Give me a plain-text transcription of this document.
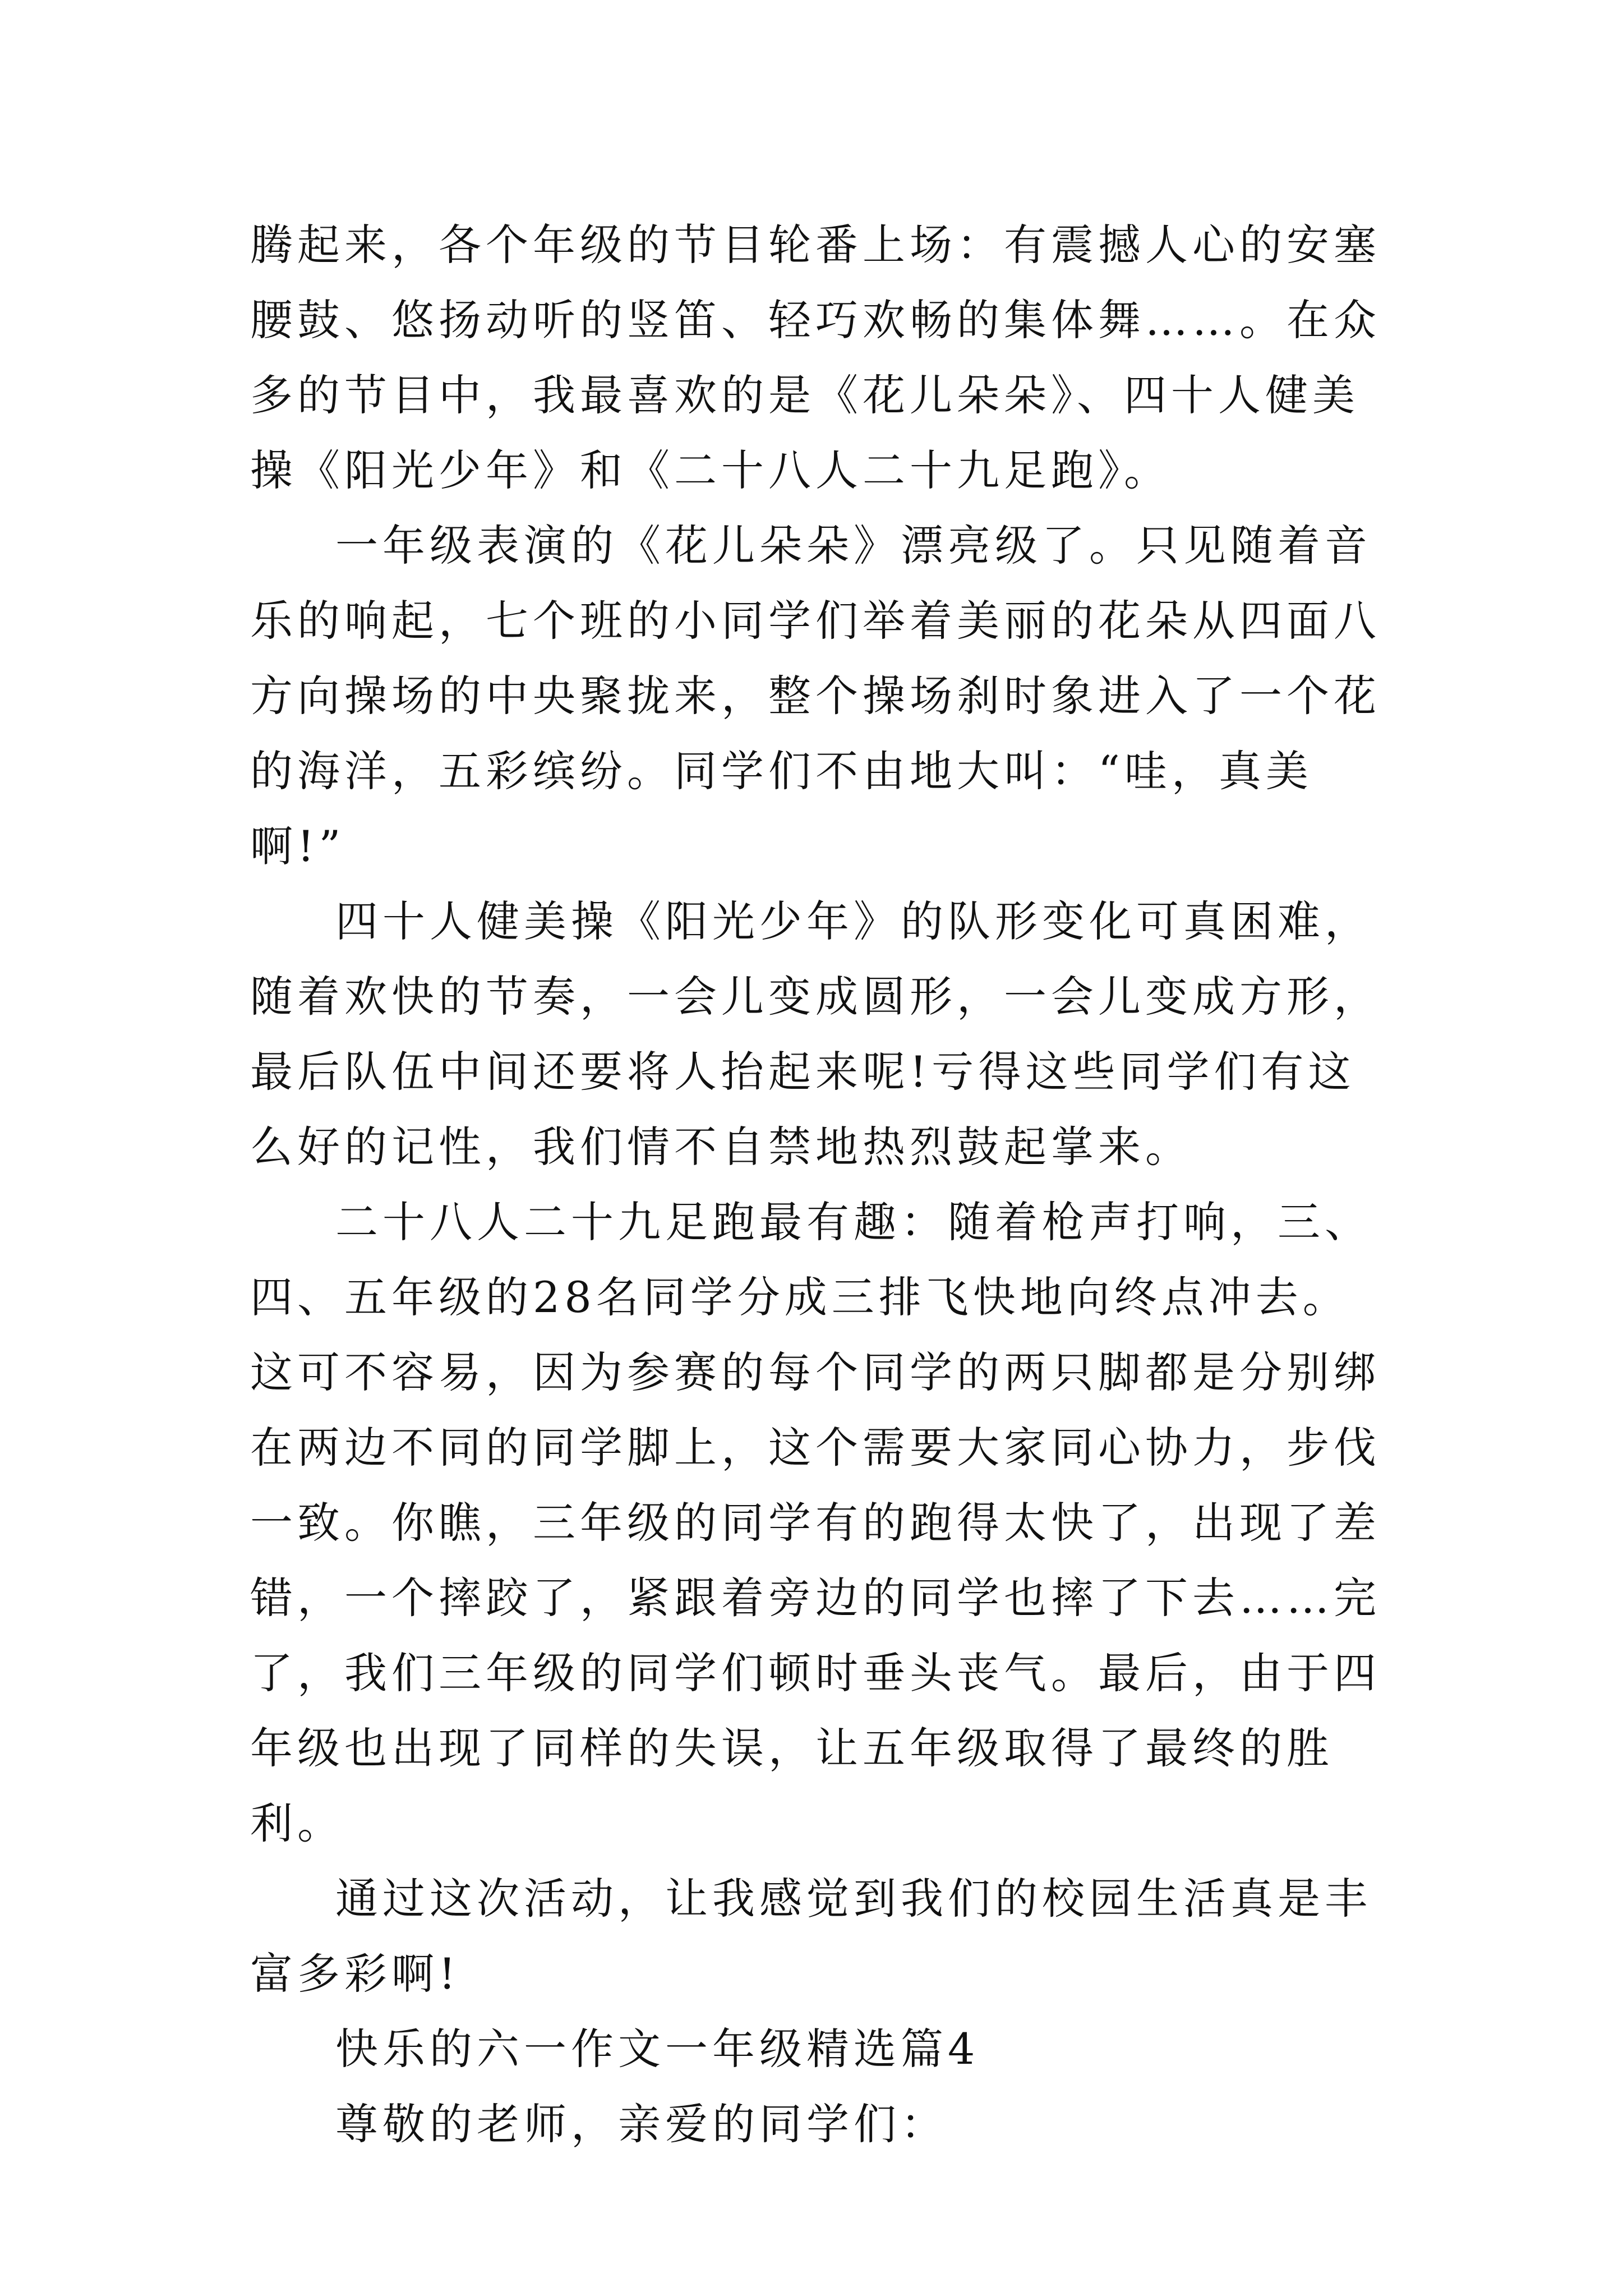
腾起来，各个年级的节目轮番上场：有震撼人心的安塞腰鼓、悠扬动听的竖笛、轻巧欢畅的集体舞……。在众多的节目中，我最喜欢的是《花儿朵朵》、四十人健美操《阳光少年》和《二十八人二十九足跑》。

一年级表演的《花儿朵朵》漂亮级了。只见随着音乐的响起，七个班的小同学们举着美丽的花朵从四面八方向操场的中央聚拢来，整个操场刹时象进入了一个花的海洋，五彩缤纷。同学们不由地大叫：“哇，真美啊!”

四十人健美操《阳光少年》的队形变化可真困难，随着欢快的节奏，一会儿变成圆形，一会儿变成方形，最后队伍中间还要将人抬起来呢!亏得这些同学们有这么好的记性，我们情不自禁地热烈鼓起掌来。

二十八人二十九足跑最有趣：随着枪声打响，三、四、五年级的28名同学分成三排飞快地向终点冲去。这可不容易，因为参赛的每个同学的两只脚都是分别绑在两边不同的同学脚上，这个需要大家同心协力，步伐一致。你瞧，三年级的同学有的跑得太快了，出现了差错，一个摔跤了，紧跟着旁边的同学也摔了下去……完了，我们三年级的同学们顿时垂头丧气。最后，由于四年级也出现了同样的失误，让五年级取得了最终的胜利。

通过这次活动，让我感觉到我们的校园生活真是丰富多彩啊!

快乐的六一作文一年级精选篇4

尊敬的老师，亲爱的同学们：
